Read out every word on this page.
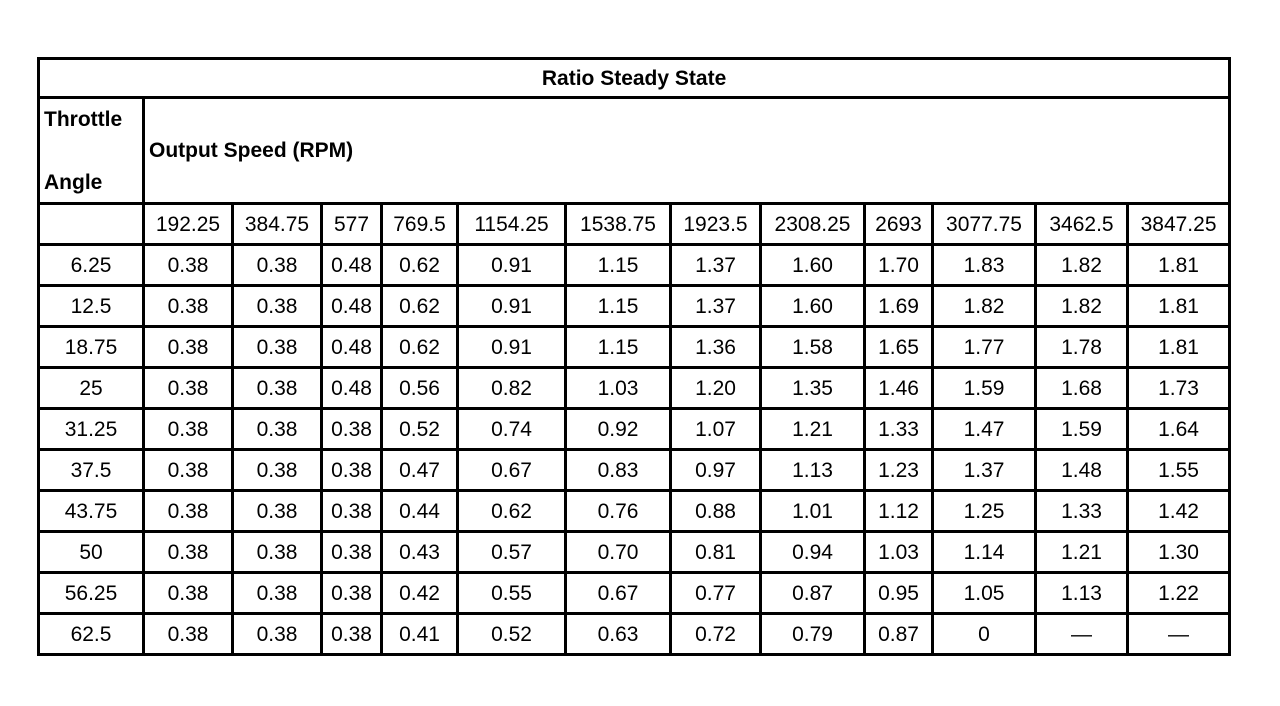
Ratio Steady State												

Throttle
Angle	Output Speed (RPM)											
	192.25	384.75	577	769.5	1154.25	1538.75	1923.5	2308.25	2693	3077.75	3462.5	3847.25
6.25	0.38	0.38	0.48	0.62	0.91	1.15	1.37	1.60	1.70	1.83	1.82	1.81
12.5	0.38	0.38	0.48	0.62	0.91	1.15	1.37	1.60	1.69	1.82	1.82	1.81
18.75	0.38	0.38	0.48	0.62	0.91	1.15	1.36	1.58	1.65	1.77	1.78	1.81
25	0.38	0.38	0.48	0.56	0.82	1.03	1.20	1.35	1.46	1.59	1.68	1.73
31.25	0.38	0.38	0.38	0.52	0.74	0.92	1.07	1.21	1.33	1.47	1.59	1.64
37.5	0.38	0.38	0.38	0.47	0.67	0.83	0.97	1.13	1.23	1.37	1.48	1.55
43.75	0.38	0.38	0.38	0.44	0.62	0.76	0.88	1.01	1.12	1.25	1.33	1.42
50	0.38	0.38	0.38	0.43	0.57	0.70	0.81	0.94	1.03	1.14	1.21	1.30
56.25	0.38	0.38	0.38	0.42	0.55	0.67	0.77	0.87	0.95	1.05	1.13	1.22
62.5	0.38	0.38	0.38	0.41	0.52	0.63	0.72	0.79	0.87	0	—	—
